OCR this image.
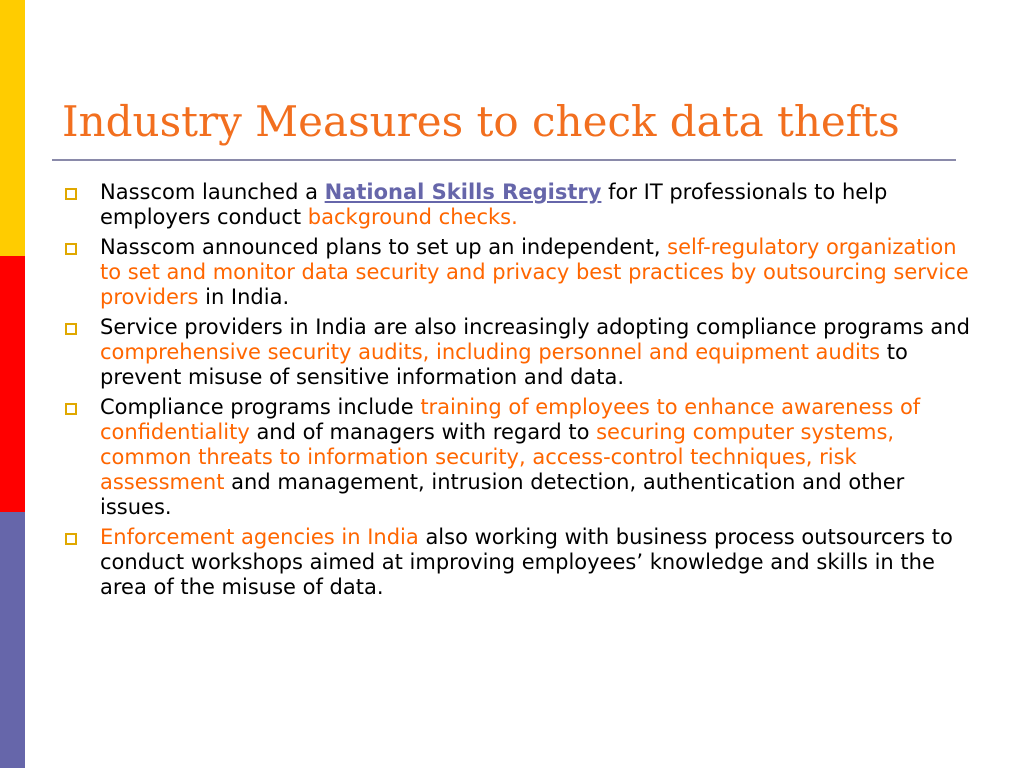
Industry Measures to check data thefts
Nasscom launched a National Skills Registry for IT professionals to help employers conduct background checks.
Nasscom announced plans to set up an independent, self-regulatory organization to set and monitor data security and privacy best practices by outsourcing service providers in India.
Service providers in India are also increasingly adopting compliance programs and comprehensive security audits, including personnel and equipment audits to prevent misuse of sensitive information and data.
Compliance programs include training of employees to enhance awareness of confidentiality and of managers with regard to securing computer systems, common threats to information security, access-control techniques, risk assessment and management, intrusion detection, authentication and other issues.
Enforcement agencies in India also working with business process outsourcers to conduct workshops aimed at improving employees’ knowledge and skills in the area of the misuse of data.
